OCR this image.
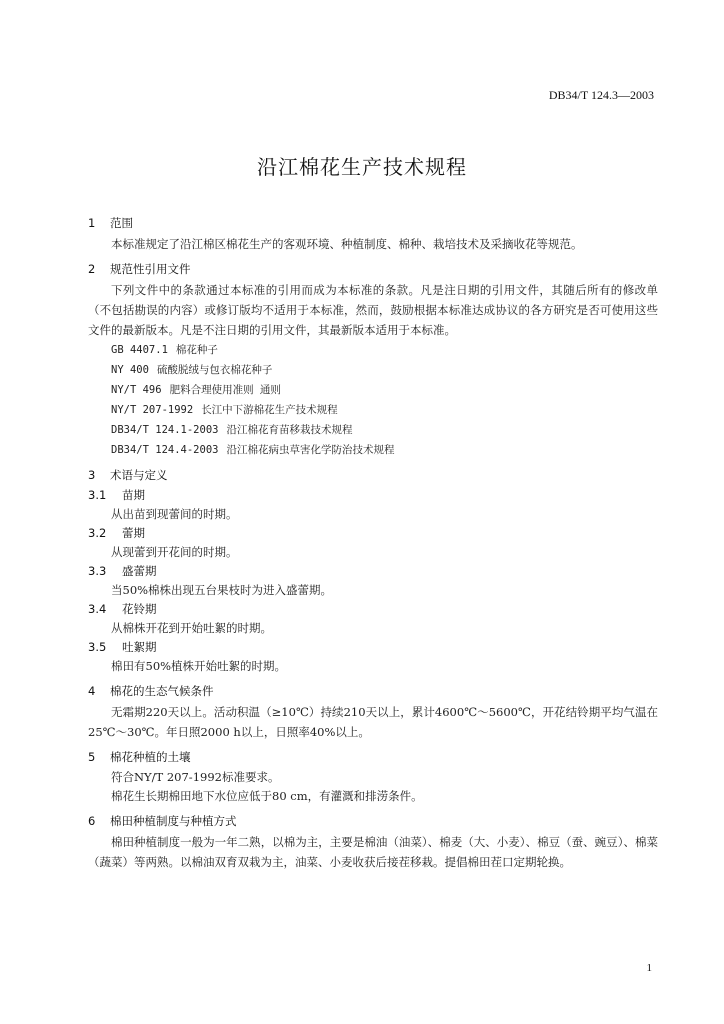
DB34/T 124.3—2003
沿江棉花生产技术规程
1 范围
本标准规定了沿江棉区棉花生产的客观环境、种植制度、棉种、栽培技术及采摘收花等规范。
2 规范性引用文件
下列文件中的条款通过本标准的引用而成为本标准的条款。凡是注日期的引用文件，其随后所有的修改单（不包括勘误的内容）或修订版均不适用于本标准，然而，鼓励根据本标准达成协议的各方研究是否可使用这些文件的最新版本。凡是不注日期的引用文件，其最新版本适用于本标准。
GB 4407.1 棉花种子
NY 400 硫酸脱绒与包衣棉花种子
NY/T 496 肥料合理使用准则 通则
NY/T 207-1992 长江中下游棉花生产技术规程
DB34/T 124.1-2003 沿江棉花育苗移栽技术规程
DB34/T 124.4-2003 沿江棉花病虫草害化学防治技术规程
3 术语与定义
3.1 苗期
从出苗到现蕾间的时期。
3.2 蕾期
从现蕾到开花间的时期。
3.3 盛蕾期
当50%棉株出现五台果枝时为进入盛蕾期。
3.4 花铃期
从棉株开花到开始吐絮的时期。
3.5 吐絮期
棉田有50%植株开始吐絮的时期。
4 棉花的生态气候条件
无霜期220天以上。活动积温（≥10℃）持续210天以上，累计4600℃～5600℃，开花结铃期平均气温在25℃～30℃。年日照2000 h以上，日照率40%以上。
5 棉花种植的土壤
符合NY/T 207-1992标准要求。
棉花生长期棉田地下水位应低于80 cm，有灌溉和排涝条件。
6 棉田种植制度与种植方式
棉田种植制度一般为一年二熟，以棉为主，主要是棉油（油菜）、棉麦（大、小麦）、棉豆（蚕、豌豆）、棉菜（蔬菜）等两熟。以棉油双育双栽为主，油菜、小麦收获后接茬移栽。提倡棉田茬口定期轮换。
1
